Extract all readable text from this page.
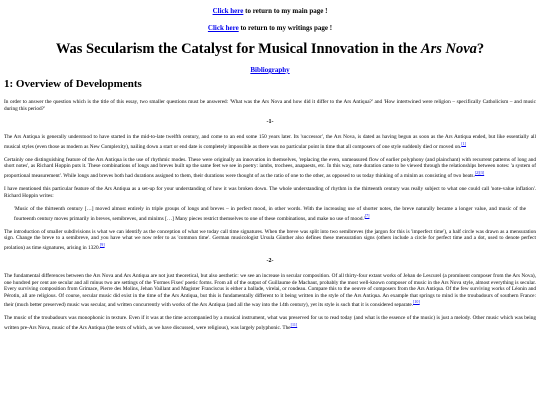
Click here to return to my main page !
Click here to return to my writings page !
Was Secularism the Catalyst for Musical Innovation in the Ars Nova?
Bibliography
1: Overview of Developments

In order to answer the question which is the title of this essay, two smaller questions must be answered: 'What was the Ars Nova and how did it differ to the Ars Antiqua?' and 'How intertwined were religion – specifically Catholicism – and music during this period?'

-1-

The Ars Antiqua is generally understood to have started in the mid-to-late twelfth century, and come to an end some 150 years later. Its 'successor', the Ars Nova, is dated as having begun as soon as the Ars Antiqua ended, but like essentially all musical styles (even those as modern as New Complexity), nailing down a start or end date is completely impossible as there was no particular point in time that all composers of one style suddenly died or moved on.[1]

Certainly one distinguishing feature of the Ars Antiqua is the use of rhythmic modes. These were originally an innovation in themselves, 'replacing the even, unmeasured flow of earlier polyphony (and plainchant) with recurrent patterns of long and short notes', as Richard Hoppin puts it. These combinations of longs and breves built up the same feet we see in poetry: iambs, trochees, anapaests, etc. In this way, note duration came to be viewed through the relationships between notes: 'a system of proportional measurement'. While longs and breves both had durations assigned to them, their durations were thought of as the ratio of one to the other, as opposed to us today thinking of a minim as consisting of two beats.[2][3]

I have mentioned this particular feature of the Ars Antiqua as a set-up for your understanding of how it was broken down. The whole understanding of rhythm in the thirteenth century was really subject to what one could call 'note-value inflation'. Richard Hoppin writes:

'Music of the thirteenth century […] moved almost entirely in triple groups of longs and breves – in perfect mood, in other words. With the increasing use of shorter notes, the breve naturally became a longer value, and music of the fourteenth century moves primarily in breves, semibreves, and minims […] Many pieces restrict themselves to one of these combinations, and make no use of mood.'[7]

The introduction of smaller subdivisions is what we can identify as the conception of what we today call time signatures. When the breve was split into two semibreves (the jargon for this is 'imperfect time'), a half circle was drawn as a mensuration sign. Change the breve to a semibreve, and you have what we now refer to as 'common time'. German musicologist Ursula Günther also defines these mensuration signs (others include a circle for perfect time and a dot, used to denote perfect prolation) as time signatures, arising in 1320.[9]

-2-

The fundamental differences between the Ars Nova and Ars Antiqua are not just theoretical, but also aesthetic: we see an increase in secular composition. Of all thirty-four extant works of Jehan de Lescurel (a prominent composer from the Ars Nova), one hundred per cent are secular and all minus two are settings of the 'Formes Fixes' poetic forms. From all of the output of Guillaume de Machaut, probably the most well-known composer of music in the Ars Nova style, almost everything is secular. Every surviving composition from Grimace, Pierre des Molins, Jehan Vaillant and Magister Franciscus is either a ballade, virelai, or rondeau. Compare this to the oeuvre of composers from the Ars Antiqua. Of the few surviving works of Léonin and Pérotin, all are religious. Of course, secular music did exist in the time of the Ars Antiqua, but this is fundamentally different to it being written in the style of the Ars Antiqua. An example that springs to mind is the troubadours of southern France: their (much better preserved) music was secular, and written concurrently with works of the Ars Antiqua (and all the way into the 14th century), yet its style is such that it is considered separate.[10]

The music of the troubadours was monophonic in texture. Even if it was at the time accompanied by a musical instrument, what was preserved for us to read today (and what is the essence of the music) is just a melody. Other music which was being written pre-Ars Nova, music of the Ars Antiqua (the texts of which, as we have discussed, were religious), was largely polyphonic. The[11]
